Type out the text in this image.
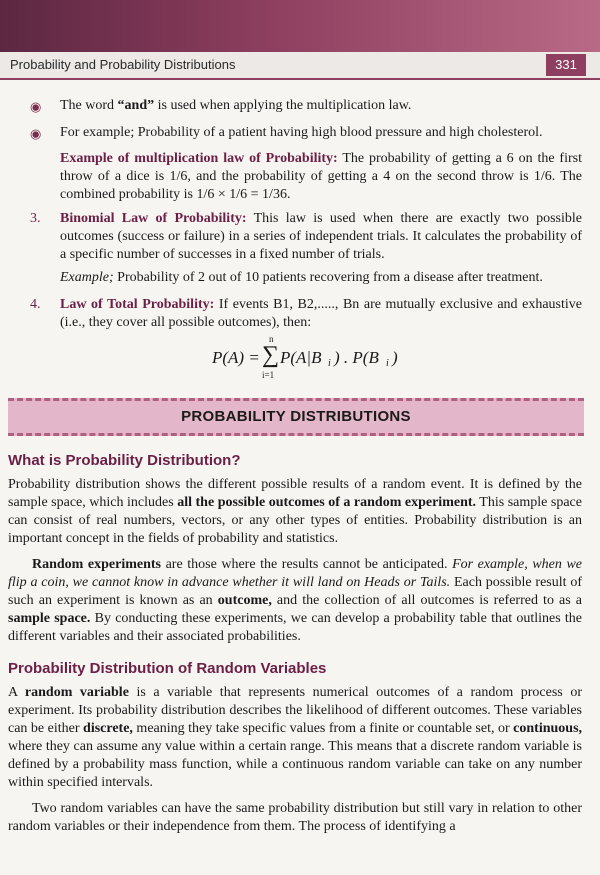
Probability and Probability Distributions	331
◉ The word “and” is used when applying the multiplication law.
◉ For example; Probability of a patient having high blood pressure and high cholesterol.
Example of multiplication law of Probability: The probability of getting a 6 on the first throw of a dice is 1/6, and the probability of getting a 4 on the second throw is 1/6. The combined probability is 1/6 × 1/6 = 1/36.
3. Binomial Law of Probability: This law is used when there are exactly two possible outcomes (success or failure) in a series of independent trials. It calculates the probability of a specific number of successes in a fixed number of trials.
Example; Probability of 2 out of 10 patients recovering from a disease after treatment.
4. Law of Total Probability: If events B1, B2,....., Bn are mutually exclusive and exhaustive (i.e., they cover all possible outcomes), then:
P(A) =
n
∑
i=1
P(A|B i ) . P(B i )
PROBABILITY DISTRIBUTIONS
What is Probability Distribution?
Probability distribution shows the different possible results of a random event. It is defined by the sample space, which includes all the possible outcomes of a random experiment. This sample space can consist of real numbers, vectors, or any other types of entities. Probability distribution is an important concept in the fields of probability and statistics.
Random experiments are those where the results cannot be anticipated. For example, when we flip a coin, we cannot know in advance whether it will land on Heads or Tails. Each possible result of such an experiment is known as an outcome, and the collection of all outcomes is referred to as a sample space. By conducting these experiments, we can develop a probability table that outlines the different variables and their associated probabilities.
Probability Distribution of Random Variables
A random variable is a variable that represents numerical outcomes of a random process or experiment. Its probability distribution describes the likelihood of different outcomes. These variables can be either discrete, meaning they take specific values from a finite or countable set, or continuous, where they can assume any value within a certain range. This means that a discrete random variable is defined by a probability mass function, while a continuous random variable can take on any number within specified intervals.
Two random variables can have the same probability distribution but still vary in relation to other random variables or their independence from them. The process of identifying a
